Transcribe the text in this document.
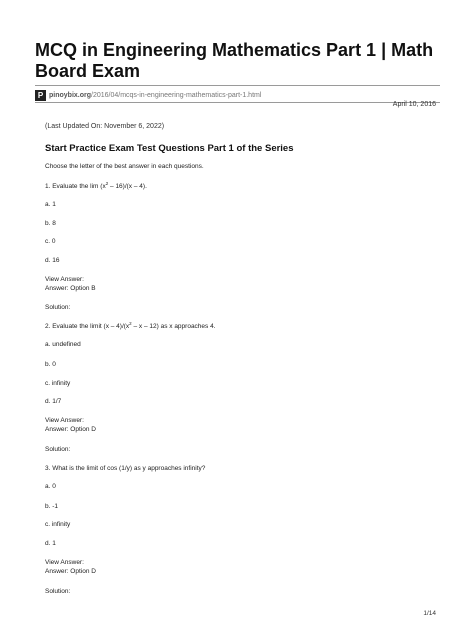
MCQ in Engineering Mathematics Part 1 | Math Board Exam
P pinoybix.org /2016/04/mcqs-in-engineering-mathematics-part-1.html
April 10, 2016
(Last Updated On: November 6, 2022)
Start Practice Exam Test Questions Part 1 of the Series
Choose the letter of the best answer in each questions.
1. Evaluate the $\lim (x^2 - 16)/(x - 4)$.
a. 1
b. 8
c. 0
d. 16
View Answer:
Answer: Option B
Solution:
2. Evaluate the limit $(x - 4)/(x^2$ – x – 12) as x approaches 4.
a. undefined
b. 0
c. infinity
d. 1/7
View Answer:
Answer: Option D
Solution:
3. What is the limit of cos (1/y) as y approaches infinity?
a. 0
b. -1
c. infinity
d. 1
View Answer:
Answer: Option D
Solution:
1/14
